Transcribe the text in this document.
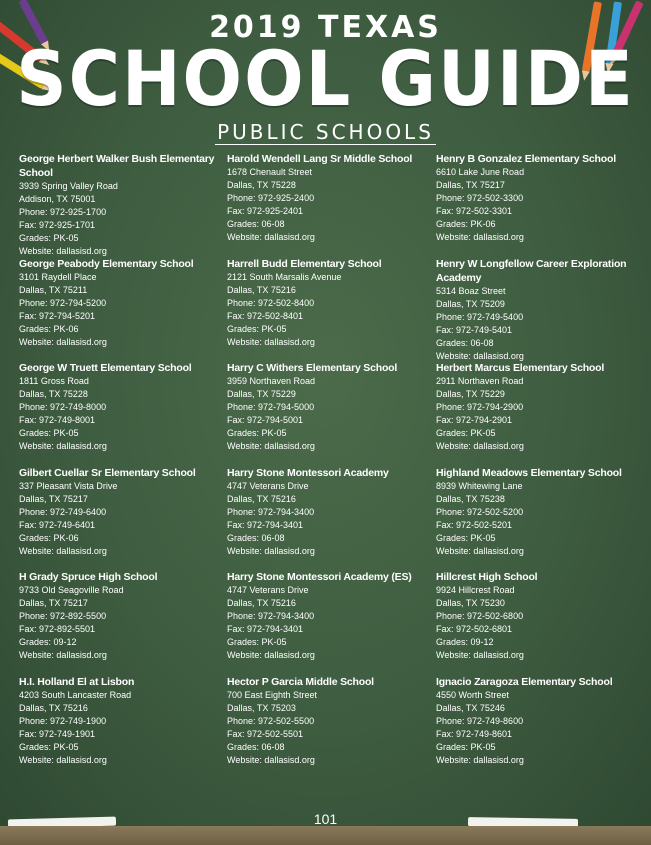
2019 TEXAS
SCHOOL GUIDE
PUBLIC SCHOOLS
George Herbert Walker Bush Elementary School
3939 Spring Valley Road
Addison, TX 75001
Phone: 972-925-1700
Fax: 972-925-1701
Grades: PK-05
Website: dallasisd.org
George Peabody Elementary School
3101 Raydell Place
Dallas, TX 75211
Phone: 972-794-5200
Fax: 972-794-5201
Grades: PK-06
Website: dallasisd.org
George W Truett Elementary School
1811 Gross Road
Dallas, TX 75228
Phone: 972-749-8000
Fax: 972-749-8001
Grades: PK-05
Website: dallasisd.org
Gilbert Cuellar Sr Elementary School
337 Pleasant Vista Drive
Dallas, TX 75217
Phone: 972-749-6400
Fax: 972-749-6401
Grades: PK-06
Website: dallasisd.org
H Grady Spruce High School
9733 Old Seagoville Road
Dallas, TX 75217
Phone: 972-892-5500
Fax: 972-892-5501
Grades: 09-12
Website: dallasisd.org
H.I. Holland El at Lisbon
4203 South Lancaster Road
Dallas, TX 75216
Phone: 972-749-1900
Fax: 972-749-1901
Grades: PK-05
Website: dallasisd.org
Harold Wendell Lang Sr Middle School
1678 Chenault Street
Dallas, TX 75228
Phone: 972-925-2400
Fax: 972-925-2401
Grades: 06-08
Website: dallasisd.org
Harrell Budd Elementary School
2121 South Marsalis Avenue
Dallas, TX 75216
Phone: 972-502-8400
Fax: 972-502-8401
Grades: PK-05
Website: dallasisd.org
Harry C Withers Elementary School
3959 Northaven Road
Dallas, TX 75229
Phone: 972-794-5000
Fax: 972-794-5001
Grades: PK-05
Website: dallasisd.org
Harry Stone Montessori Academy
4747 Veterans Drive
Dallas, TX 75216
Phone: 972-794-3400
Fax: 972-794-3401
Grades: 06-08
Website: dallasisd.org
Harry Stone Montessori Academy (ES)
4747 Veterans Drive
Dallas, TX 75216
Phone: 972-794-3400
Fax: 972-794-3401
Grades: PK-05
Website: dallasisd.org
Hector P Garcia Middle School
700 East Eighth Street
Dallas, TX 75203
Phone: 972-502-5500
Fax: 972-502-5501
Grades: 06-08
Website: dallasisd.org
Henry B Gonzalez Elementary School
6610 Lake June Road
Dallas, TX 75217
Phone: 972-502-3300
Fax: 972-502-3301
Grades: PK-06
Website: dallasisd.org
Henry W Longfellow Career Exploration Academy
5314 Boaz Street
Dallas, TX 75209
Phone: 972-749-5400
Fax: 972-749-5401
Grades: 06-08
Website: dallasisd.org
Herbert Marcus Elementary School
2911 Northaven Road
Dallas, TX 75229
Phone: 972-794-2900
Fax: 972-794-2901
Grades: PK-05
Website: dallasisd.org
Highland Meadows Elementary School
8939 Whitewing Lane
Dallas, TX 75238
Phone: 972-502-5200
Fax: 972-502-5201
Grades: PK-05
Website: dallasisd.org
Hillcrest High School
9924 Hillcrest Road
Dallas, TX 75230
Phone: 972-502-6800
Fax: 972-502-6801
Grades: 09-12
Website: dallasisd.org
Ignacio Zaragoza Elementary School
4550 Worth Street
Dallas, TX 75246
Phone: 972-749-8600
Fax: 972-749-8601
Grades: PK-05
Website: dallasisd.org
101
